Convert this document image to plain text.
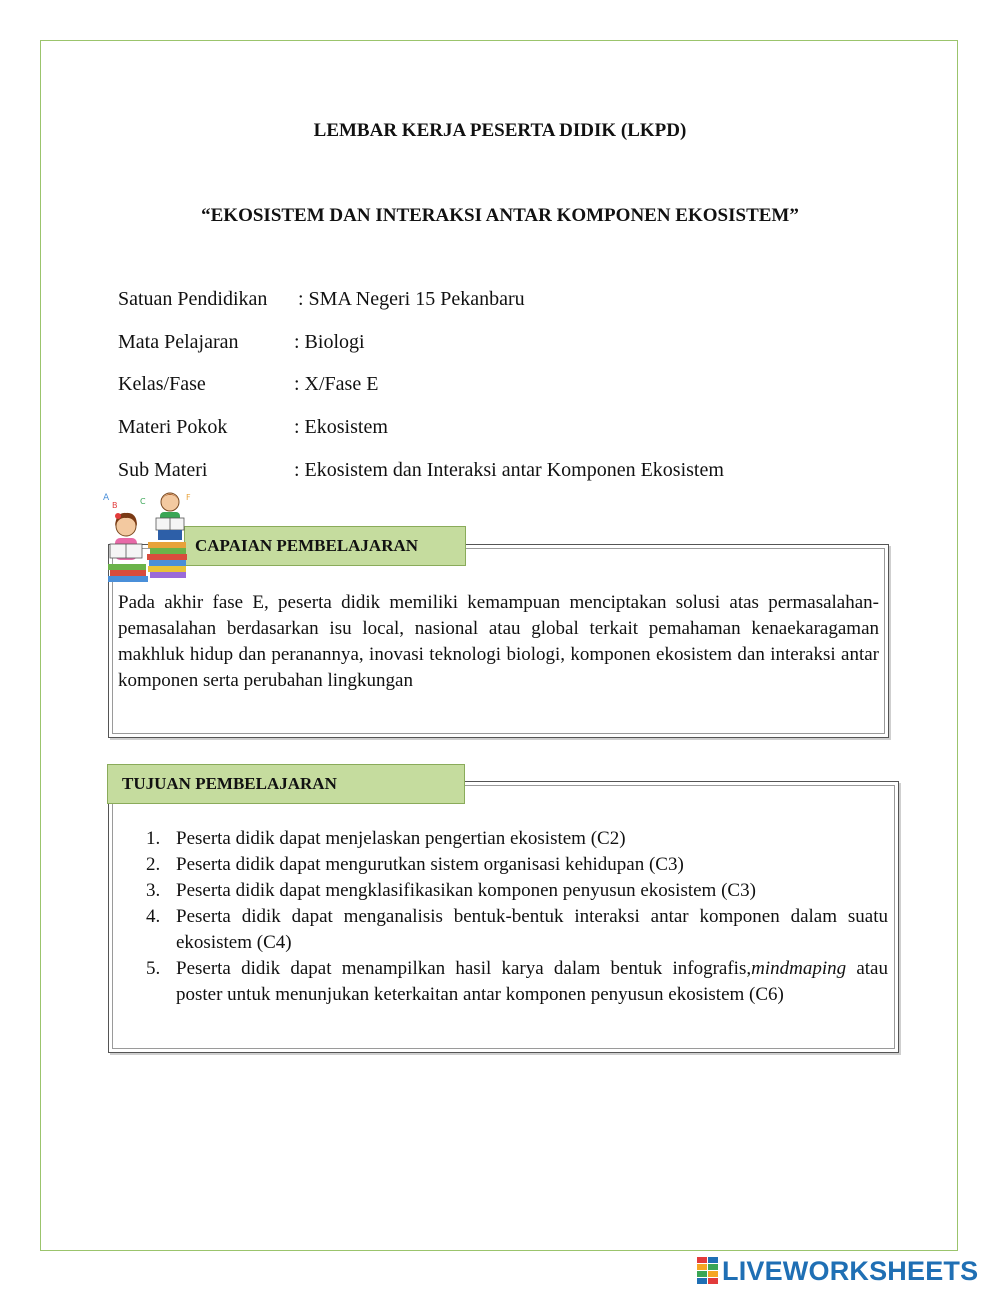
LEMBAR KERJA PESERTA DIDIK (LKPD)
“EKOSISTEM DAN INTERAKSI ANTAR KOMPONEN EKOSISTEM”
Satuan Pendidikan : SMA Negeri 15 Pekanbaru
Mata Pelajaran	: Biologi
Kelas/Fase	: X/Fase E
Materi Pokok	: Ekosistem
Sub Materi	: Ekosistem dan Interaksi antar Komponen Ekosistem
CAPAIAN PEMBELAJARAN
Pada akhir fase E, peserta didik memiliki kemampuan menciptakan solusi atas permasalahan-pemasalahan berdasarkan isu local, nasional atau global terkait pemahaman kenaekaragaman makhluk hidup dan peranannya, inovasi teknologi biologi, komponen ekosistem dan interaksi antar komponen serta perubahan lingkungan
A
B	C	F
TUJUAN PEMBELAJARAN
1. Peserta didik dapat menjelaskan pengertian ekosistem (C2)
2. Peserta didik dapat mengurutkan sistem organisasi kehidupan (C3)
3. Peserta didik dapat mengklasifikasikan komponen penyusun ekosistem (C3)
4. Peserta didik dapat menganalisis bentuk-bentuk interaksi antar komponen dalam suatu ekosistem (C4)
5. Peserta didik dapat menampilkan hasil karya dalam bentuk infografis,mindmaping atau poster untuk menunjukan keterkaitan antar komponen penyusun ekosistem (C6)
LIVEWORKSHEETS
